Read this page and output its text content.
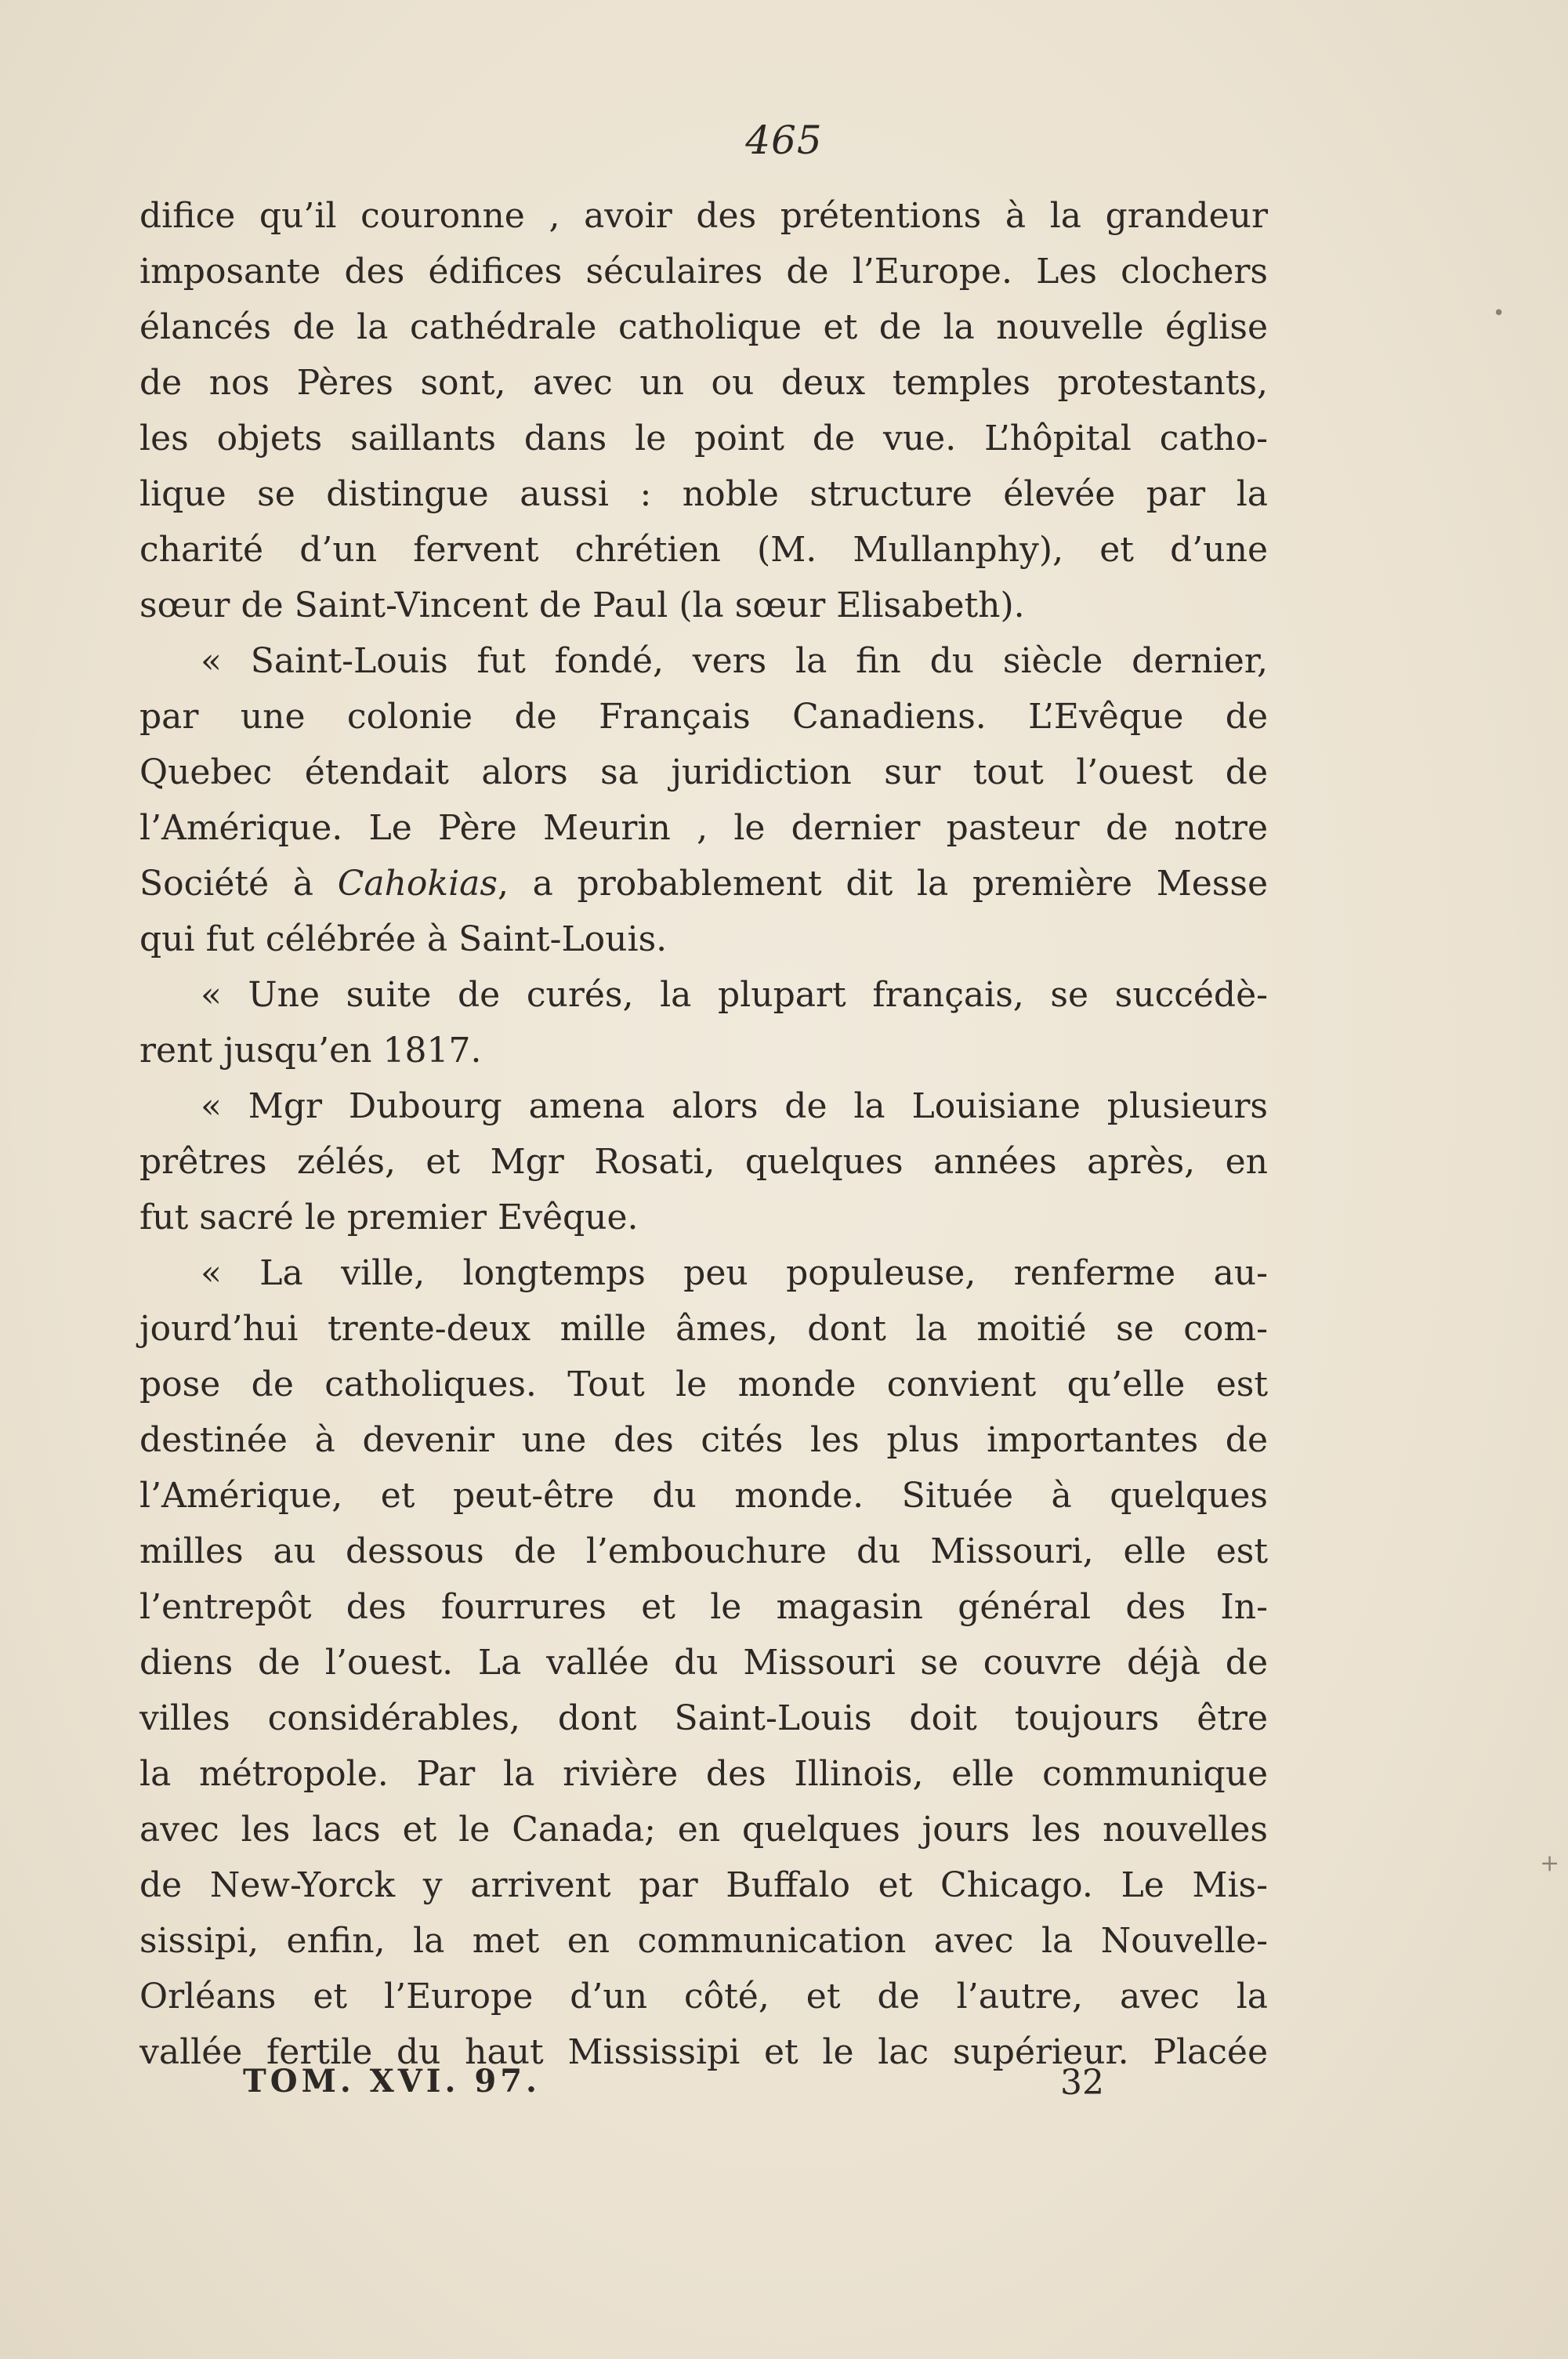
465
difice qu’il couronne , avoir des prétentions à la grandeur
imposante des édifices séculaires de l’Europe. Les clochers
élancés de la cathédrale catholique et de la nouvelle église
de nos Pères sont, avec un ou deux temples protestants,
les objets saillants dans le point de vue. L’hôpital catho-
lique se distingue aussi : noble structure élevée par la
charité d’un fervent chrétien (M. Mullanphy), et d’une
sœur de Saint-Vincent de Paul (la sœur Elisabeth).
« Saint-Louis fut fondé, vers la fin du siècle dernier,
par une colonie de Français Canadiens. L’Evêque de
Quebec étendait alors sa juridiction sur tout l’ouest de
l’Amérique. Le Père Meurin , le dernier pasteur de notre
Société à Cahokias, a probablement dit la première Messe
qui fut célébrée à Saint-Louis.
« Une suite de curés, la plupart français, se succédè-
rent jusqu’en 1817.
« Mgr Dubourg amena alors de la Louisiane plusieurs
prêtres zélés, et Mgr Rosati, quelques années après, en
fut sacré le premier Evêque.
« La ville, longtemps peu populeuse, renferme au-
jourd’hui trente-deux mille âmes, dont la moitié se com-
pose de catholiques. Tout le monde convient qu’elle est
destinée à devenir une des cités les plus importantes de
l’Amérique, et peut-être du monde. Située à quelques
milles au dessous de l’embouchure du Missouri, elle est
l’entrepôt des fourrures et le magasin général des In-
diens de l’ouest. La vallée du Missouri se couvre déjà de
villes considérables, dont Saint-Louis doit toujours être
la métropole. Par la rivière des Illinois, elle communique
avec les lacs et le Canada; en quelques jours les nouvelles
de New-Yorck y arrivent par Buffalo et Chicago. Le Mis-
sissipi, enfin, la met en communication avec la Nouvelle-
Orléans et l’Europe d’un côté, et de l’autre, avec la
vallée fertile du haut Mississipi et le lac supérieur. Placée
TOM. XVI. 97.	32
•
+
